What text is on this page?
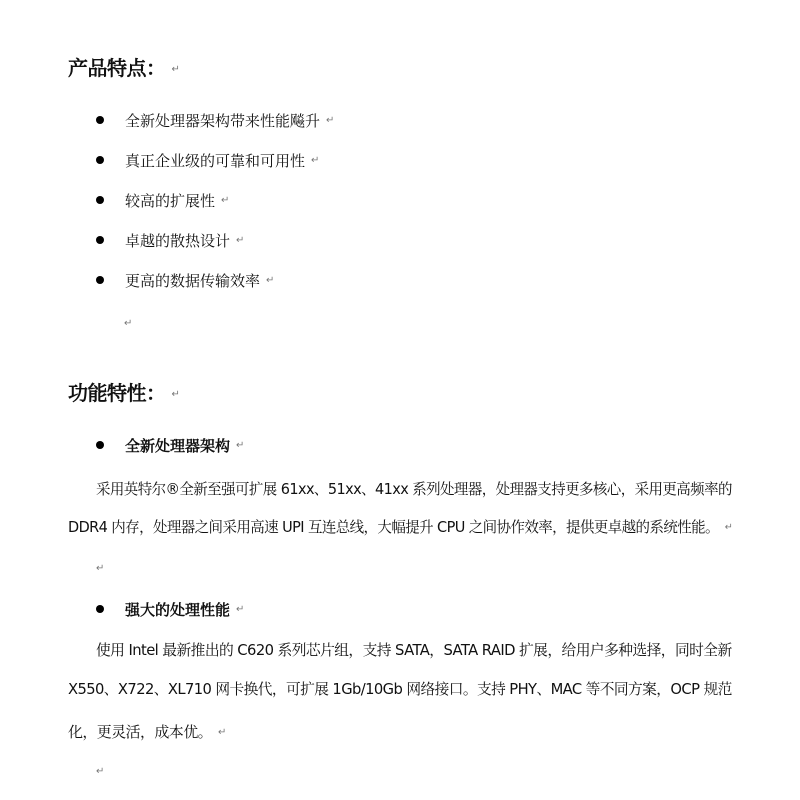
产品特点： ↵
全新处理器架构带来性能飚升 ↵
真正企业级的可靠和可用性 ↵
较高的扩展性 ↵
卓越的散热设计 ↵
更高的数据传输效率 ↵
↵
功能特性： ↵
全新处理器架构 ↵
采用英特尔®全新至强可扩展 61xx、51xx、41xx 系列处理器，处理器支持更多核心，采用更高频率的
DDR4 内存，处理器之间采用高速 UPI 互连总线，大幅提升 CPU 之间协作效率，提供更卓越的系统性能。 ↵
↵
强大的处理性能 ↵
使用 Intel 最新推出的 C620 系列芯片组，支持 SATA，SATA RAID 扩展，给用户多种选择，同时全新
X550、X722、XL710 网卡换代，可扩展 1Gb/10Gb 网络接口。支持 PHY、MAC 等不同方案，OCP 规范
化，更灵活，成本优。 ↵
↵
